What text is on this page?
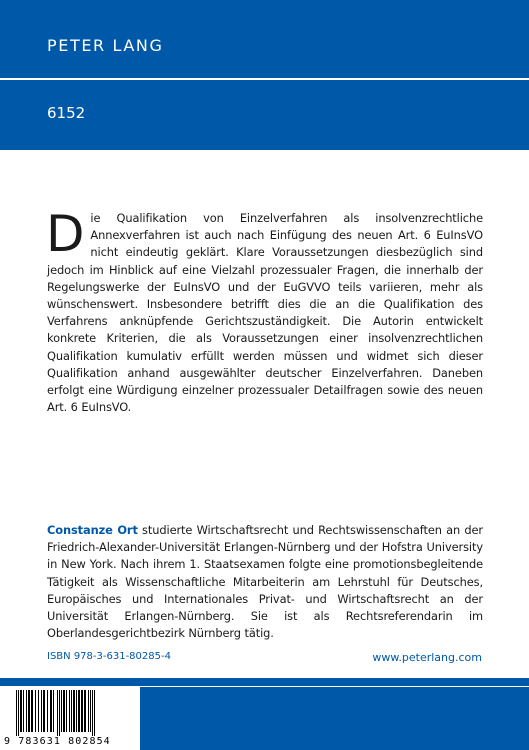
PETER LANG
6152
Die Qualifikation von Einzelverfahren als insolvenzrechtliche Annexverfahren ist auch nach Einfügung des neuen Art. 6 EuInsVO nicht eindeutig geklärt. Klare Voraussetzungen diesbezüglich sind jedoch im Hinblick auf eine Vielzahl prozessualer Fragen, die innerhalb der Regelungswerke der EuInsVO und der EuGVVO teils variieren, mehr als wünschenswert. Insbesondere betrifft dies die an die Qualifikation des Verfahrens anknüpfende Gerichtszuständigkeit. Die Autorin entwickelt konkrete Kriterien, die als Voraussetzungen einer insolvenzrechtlichen Qualifikation kumulativ erfüllt werden müssen und widmet sich dieser Qualifikation anhand ausgewählter deutscher Einzelverfahren. Daneben erfolgt eine Würdigung einzelner prozessualer Detailfragen sowie des neuen Art. 6 EuInsVO.
Constanze Ort studierte Wirtschaftsrecht und Rechtswissenschaften an der Friedrich-Alexander-Universität Erlangen-Nürnberg und der Hofstra University in New York. Nach ihrem 1. Staatsexamen folgte eine promotionsbegleitende Tätigkeit als Wissenschaftliche Mitarbeiterin am Lehrstuhl für Deutsches, Europäisches und Internationales Privat- und Wirtschaftsrecht an der Universität Erlangen-Nürnberg. Sie ist als Rechtsreferendarin im Oberlandesgerichtbezirk Nürnberg tätig.
ISBN 978-3-631-80285-4	www.peterlang.com
9 783631 802854
